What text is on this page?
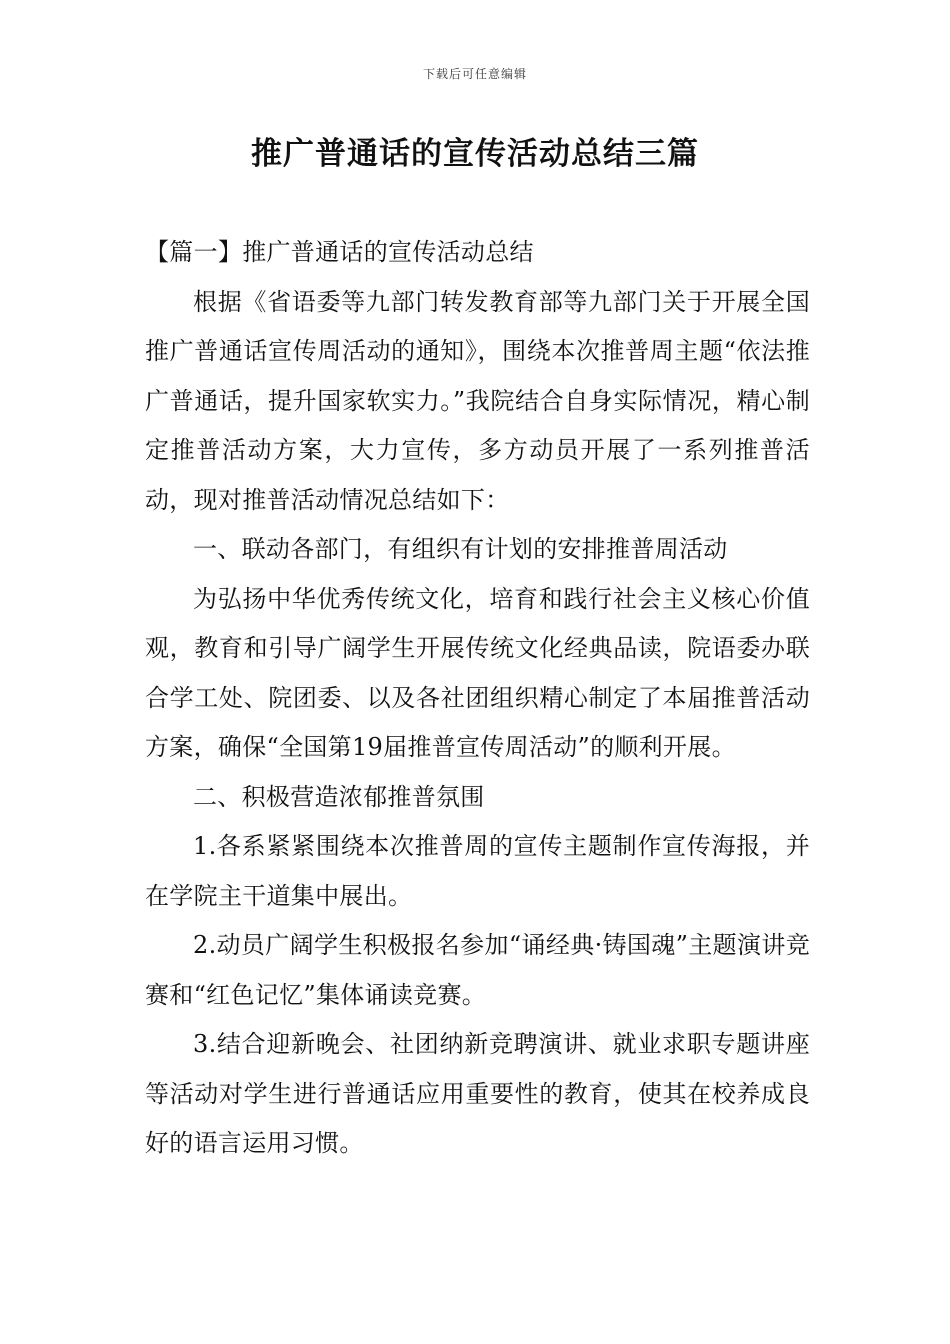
下载后可任意编辑
推广普通话的宣传活动总结三篇

【篇一】推广普通话的宣传活动总结

根据《省语委等九部门转发教育部等九部门关于开展全国推广普通话宣传周活动的通知》，围绕本次推普周主题“依法推广普通话，提升国家软实力。”我院结合自身实际情况，精心制定推普活动方案，大力宣传，多方动员开展了一系列推普活动，现对推普活动情况总结如下：

一、联动各部门，有组织有计划的安排推普周活动

为弘扬中华优秀传统文化，培育和践行社会主义核心价值观，教育和引导广阔学生开展传统文化经典品读，院语委办联合学工处、院团委、以及各社团组织精心制定了本届推普活动方案，确保“全国第19届推普宣传周活动”的顺利开展。

二、积极营造浓郁推普氛围

1.各系紧紧围绕本次推普周的宣传主题制作宣传海报，并在学院主干道集中展出。

2.动员广阔学生积极报名参加“诵经典·铸国魂”主题演讲竞赛和“红色记忆”集体诵读竞赛。

3.结合迎新晚会、社团纳新竞聘演讲、就业求职专题讲座等活动对学生进行普通话应用重要性的教育，使其在校养成良好的语言运用习惯。
